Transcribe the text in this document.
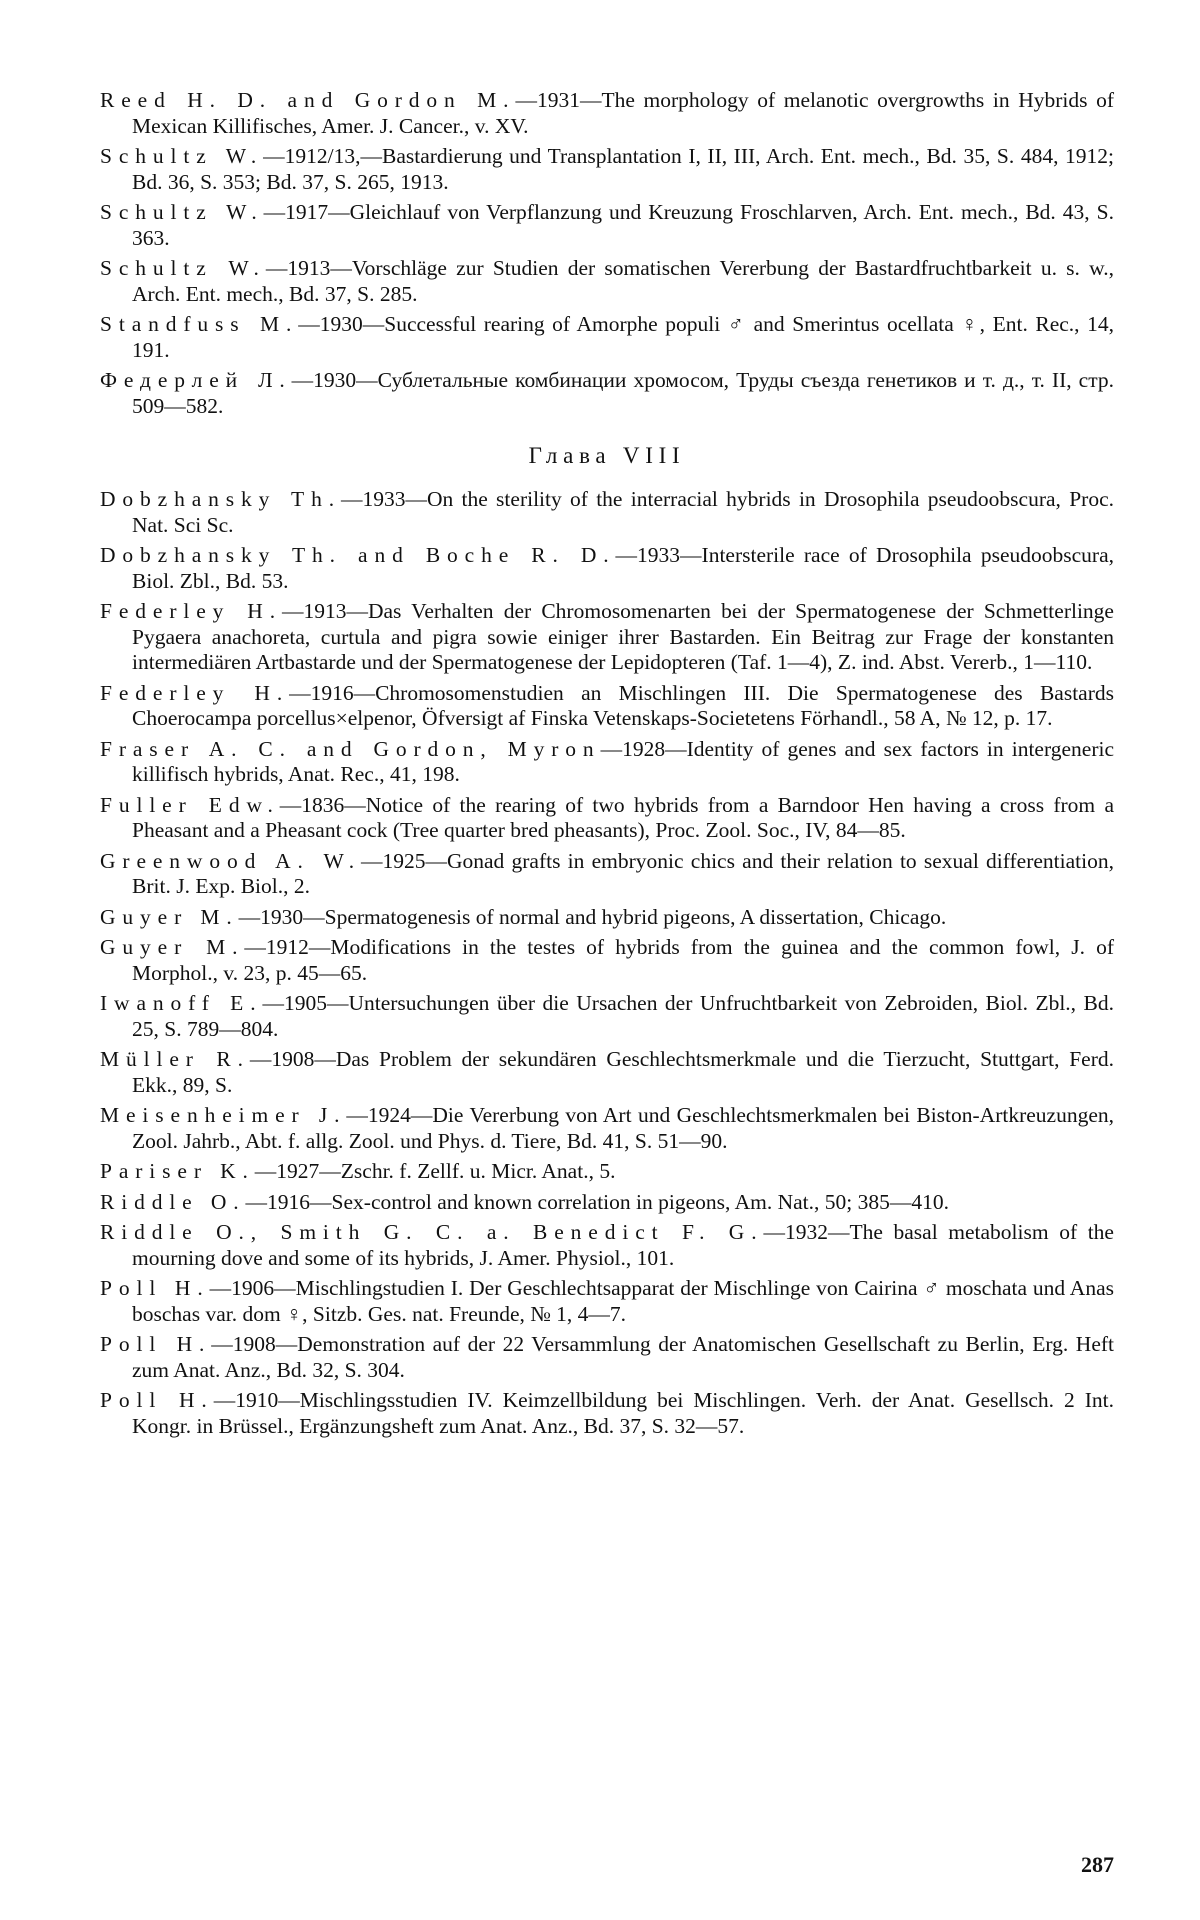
Reed H. D. and Gordon M.—1931—The morphology of melanotic overgrowths in Hybrids of Mexican Killifisches, Amer. J. Cancer., v. XV.

Schultz W.—1912/13,—Bastardierung und Transplantation I, II, III, Arch. Ent. mech., Bd. 35, S. 484, 1912; Bd. 36, S. 353; Bd. 37, S. 265, 1913.

Schultz W.—1917—Gleichlauf von Verpflanzung und Kreuzung Froschlarven, Arch. Ent. mech., Bd. 43, S. 363.

Schultz W.—1913—Vorschläge zur Studien der somatischen Vererbung der Bastardfruchtbarkeit u. s. w., Arch. Ent. mech., Bd. 37, S. 285.

Standfuss M.—1930—Successful rearing of Amorphe populi ♂ and Smerintus ocellata ♀, Ent. Rec., 14, 191.

Федерлей Л.—1930—Сублетальные комбинации хромосом, Труды съезда генетиков и т. д., т. II, стр. 509—582.

Глава VIII

Dobzhansky Th.—1933—On the sterility of the interracial hybrids in Drosophila pseudoobscura, Proc. Nat. Sci Sc.

Dobzhansky Th. and Boche R. D.—1933—Intersterile race of Drosophila pseudoobscura, Biol. Zbl., Bd. 53.

Federley H.—1913—Das Verhalten der Chromosomenarten bei der Spermatogenese der Schmetterlinge Pygaera anachoreta, curtula and pigra sowie einiger ihrer Bastarden. Ein Beitrag zur Frage der konstanten intermediären Artbastarde und der Spermatogenese der Lepidopteren (Taf. 1—4), Z. ind. Abst. Vererb., 1—110.

Federley H.—1916—Chromosomenstudien an Mischlingen III. Die Spermatogenese des Bastards Choerocampa porcellus×elpenor, Öfversigt af Finska Vetenskaps-Societetens Förhandl., 58 A, № 12, p. 17.

Fraser A. C. and Gordon, Myron—1928—Identity of genes and sex factors in intergeneric killifisch hybrids, Anat. Rec., 41, 198.

Fuller Edw.—1836—Notice of the rearing of two hybrids from a Barndoor Hen having a cross from a Pheasant and a Pheasant cock (Tree quarter bred pheasants), Proc. Zool. Soc., IV, 84—85.

Greenwood A. W.—1925—Gonad grafts in embryonic chics and their relation to sexual differentiation, Brit. J. Exp. Biol., 2.

Guyer M.—1930—Spermatogenesis of normal and hybrid pigeons, A dissertation, Chicago.

Guyer M.—1912—Modifications in the testes of hybrids from the guinea and the common fowl, J. of Morphol., v. 23, p. 45—65.

Iwanoff E.—1905—Untersuchungen über die Ursachen der Unfruchtbarkeit von Zebroiden, Biol. Zbl., Bd. 25, S. 789—804.

Müller R.—1908—Das Problem der sekundären Geschlechtsmerkmale und die Tierzucht, Stuttgart, Ferd. Ekk., 89, S.

Meisenheimer J.—1924—Die Vererbung von Art und Geschlechtsmerkmalen bei Biston-Artkreuzungen, Zool. Jahrb., Abt. f. allg. Zool. und Phys. d. Tiere, Bd. 41, S. 51—90.

Pariser K.—1927—Zschr. f. Zellf. u. Micr. Anat., 5.

Riddle O.—1916—Sex-control and known correlation in pigeons, Am. Nat., 50; 385—410.

Riddle O., Smith G. C. a. Benedict F. G.—1932—The basal metabolism of the mourning dove and some of its hybrids, J. Amer. Physiol., 101.

Poll H.—1906—Mischlingstudien I. Der Geschlechtsapparat der Mischlinge von Cairina ♂ moschata und Anas boschas var. dom ♀, Sitzb. Ges. nat. Freunde, № 1, 4—7.

Poll H.—1908—Demonstration auf der 22 Versammlung der Anatomischen Gesellschaft zu Berlin, Erg. Heft zum Anat. Anz., Bd. 32, S. 304.

Poll H.—1910—Mischlingsstudien IV. Keimzellbildung bei Mischlingen. Verh. der Anat. Gesellsch. 2 Int. Kongr. in Brüssel., Ergänzungsheft zum Anat. Anz., Bd. 37, S. 32—57.

287
